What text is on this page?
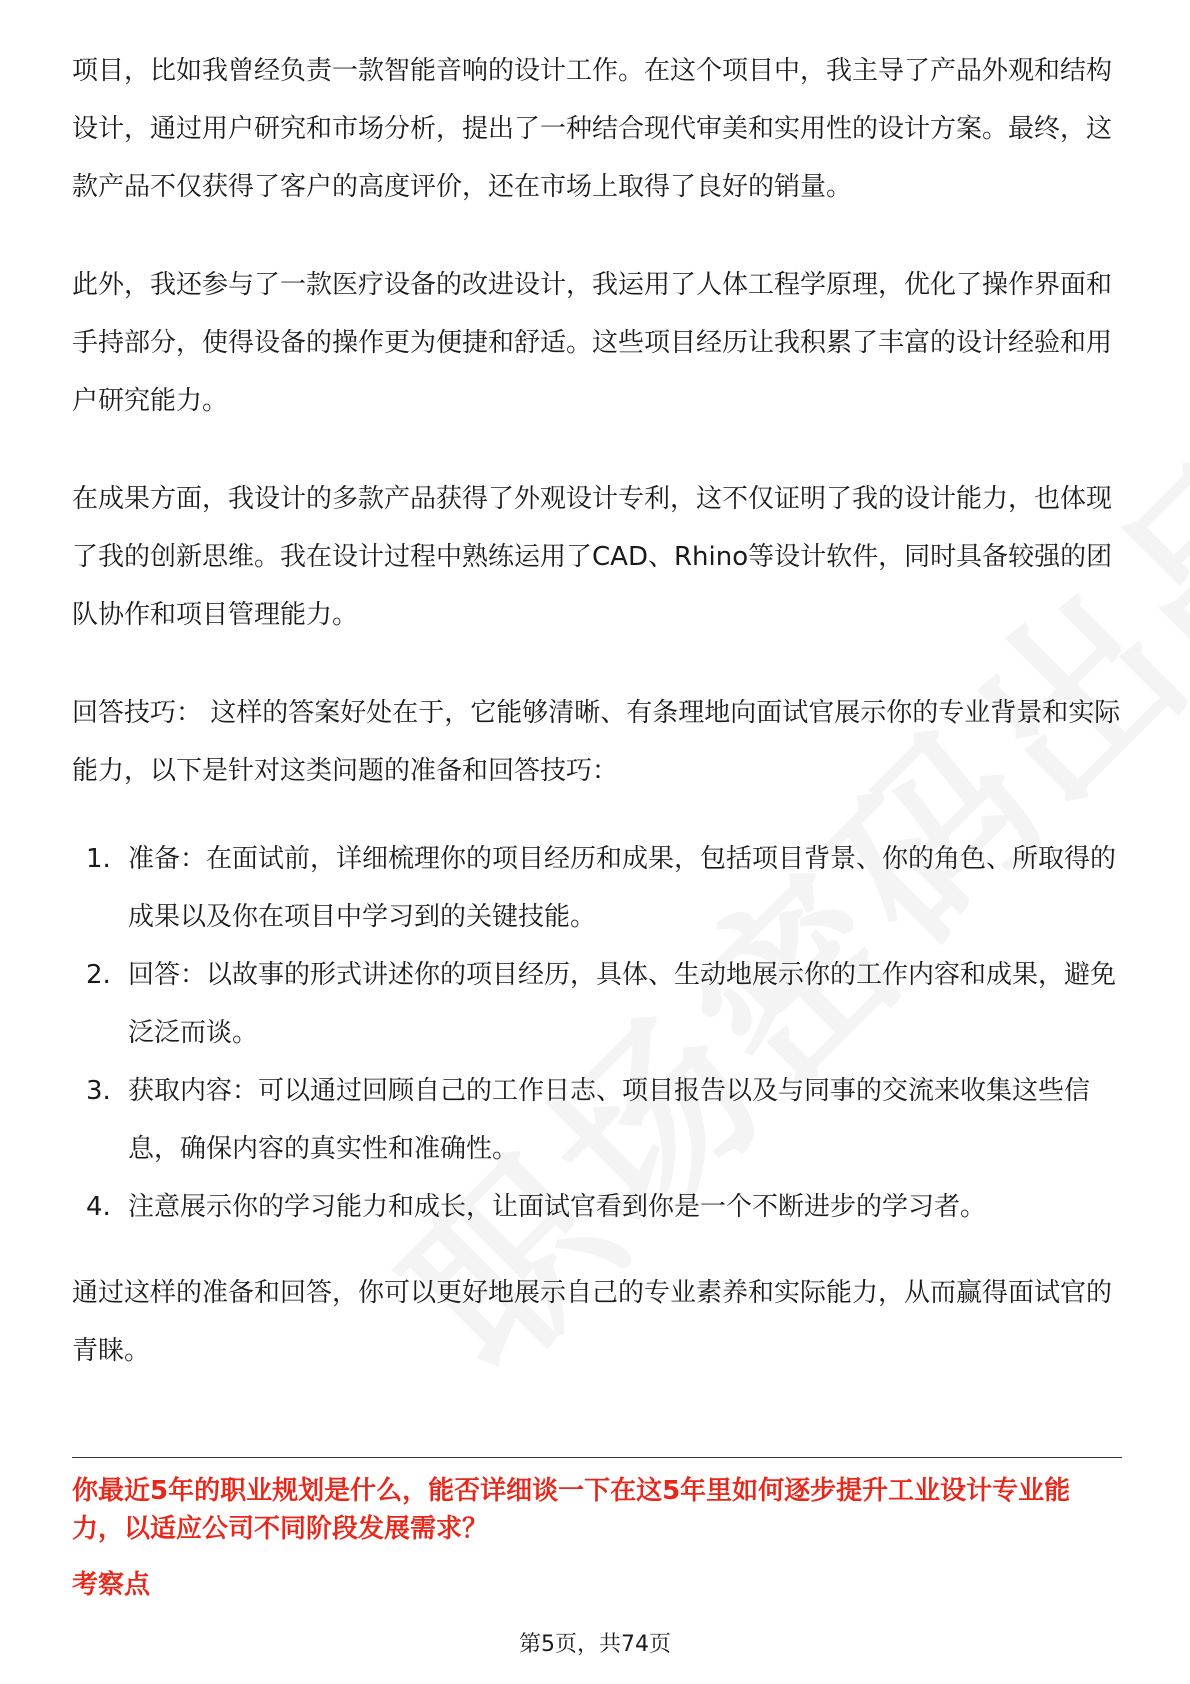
项目，比如我曾经负责一款智能音响的设计工作。在这个项目中，我主导了产品外观和结构设计，通过用户研究和市场分析，提出了一种结合现代审美和实用性的设计方案。最终，这款产品不仅获得了客户的高度评价，还在市场上取得了良好的销量。

此外，我还参与了一款医疗设备的改进设计，我运用了人体工程学原理，优化了操作界面和手持部分，使得设备的操作更为便捷和舒适。这些项目经历让我积累了丰富的设计经验和用户研究能力。

在成果方面，我设计的多款产品获得了外观设计专利，这不仅证明了我的设计能力，也体现了我的创新思维。我在设计过程中熟练运用了CAD、Rhino等设计软件，同时具备较强的团队协作和项目管理能力。

回答技巧： 这样的答案好处在于，它能够清晰、有条理地向面试官展示你的专业背景和实际能力，以下是针对这类问题的准备和回答技巧：

1. 准备：在面试前，详细梳理你的项目经历和成果，包括项目背景、你的角色、所取得的成果以及你在项目中学习到的关键技能。
2. 回答：以故事的形式讲述你的项目经历，具体、生动地展示你的工作内容和成果，避免泛泛而谈。
3. 获取内容：可以通过回顾自己的工作日志、项目报告以及与同事的交流来收集这些信息，确保内容的真实性和准确性。
4. 注意展示你的学习能力和成长，让面试官看到你是一个不断进步的学习者。

通过这样的准备和回答，你可以更好地展示自己的专业素养和实际能力，从而赢得面试官的青睐。

你最近5年的职业规划是什么，能否详细谈一下在这5年里如何逐步提升工业设计专业能力，以适应公司不同阶段发展需求？
考察点
第5页，共74页
